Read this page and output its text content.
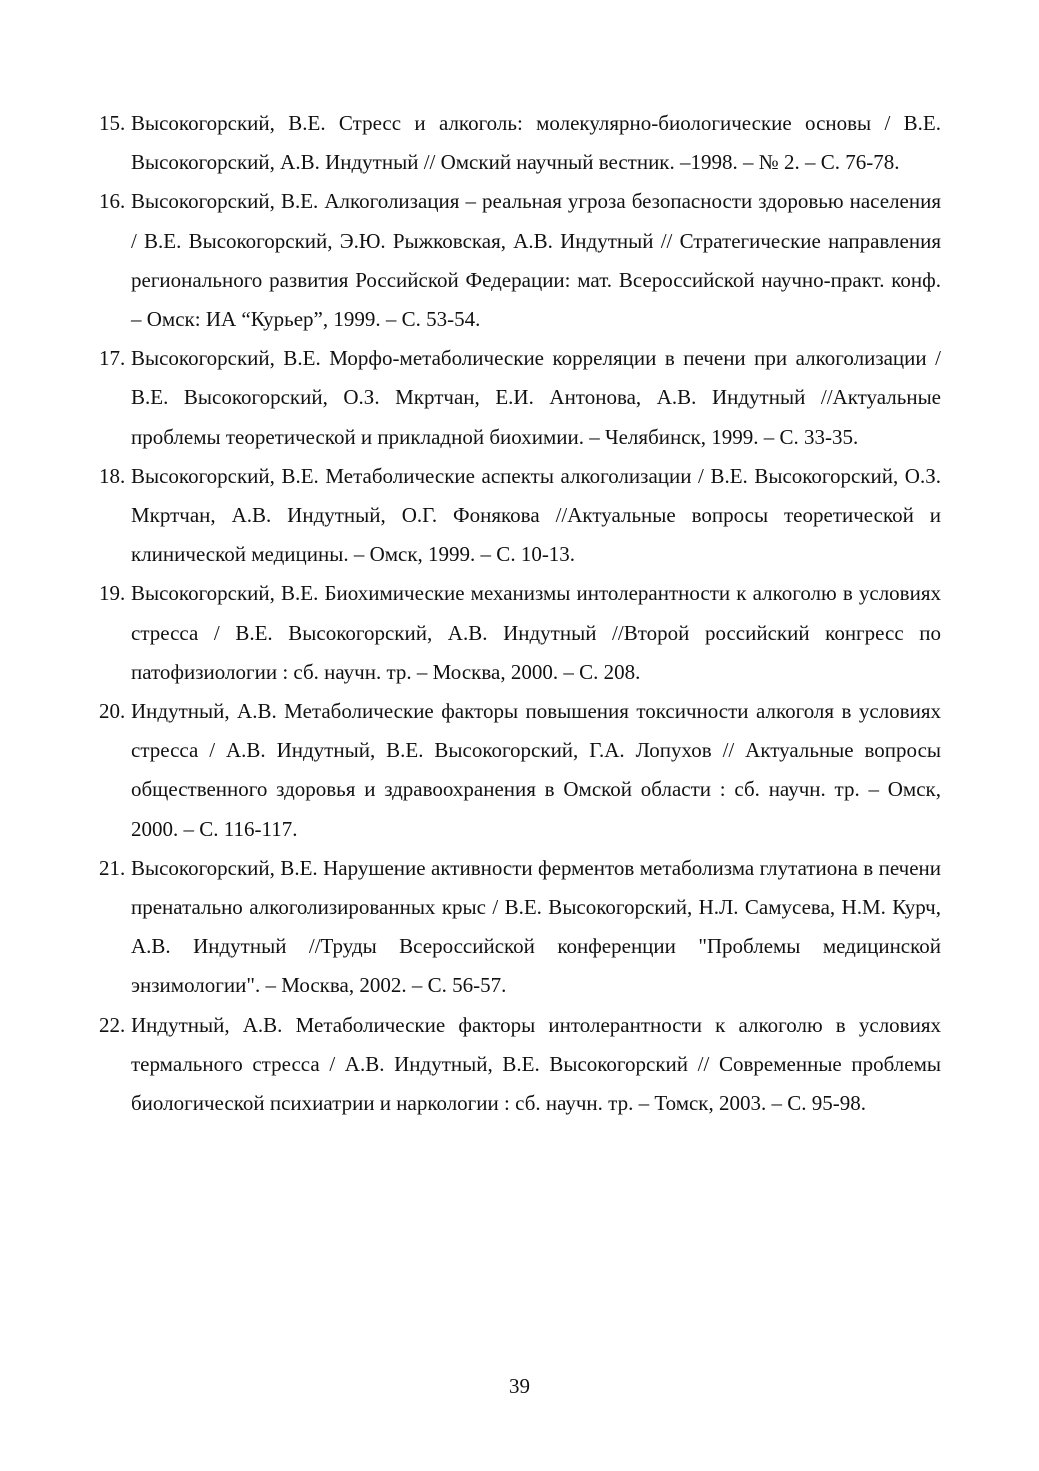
15. Высокогорский, В.Е. Стресс и алкоголь: молекулярно-биологические основы / В.Е. Высокогорский, А.В. Индутный // Омский научный вестник. –1998. – № 2. – С. 76-78.
16. Высокогорский, В.Е. Алкоголизация – реальная угроза безопасности здоровью населения / В.Е. Высокогорский, Э.Ю. Рыжковская, А.В. Индутный // Стратегические направления регионального развития Российской Федерации: мат. Всероссийской научно-практ. конф. – Омск: ИА “Курьер”, 1999. – С. 53-54.
17. Высокогорский, В.Е. Морфо-метаболические корреляции в печени при алкоголизации / В.Е. Высокогорский, О.З. Мкртчан, Е.И. Антонова, А.В. Индутный //Актуальные проблемы теоретической и прикладной биохимии. – Челябинск, 1999. – С. 33-35.
18. Высокогорский, В.Е. Метаболические аспекты алкоголизации / В.Е. Высокогорский, О.З. Мкртчан, А.В. Индутный, О.Г. Фонякова //Актуальные вопросы теоретической и клинической медицины. – Омск, 1999. – С. 10-13.
19. Высокогорский, В.Е. Биохимические механизмы интолерантности к алкоголю в условиях стресса / В.Е. Высокогорский, А.В. Индутный //Второй российский конгресс по патофизиологии : сб. научн. тр. – Москва, 2000. – С. 208.
20. Индутный, А.В. Метаболические факторы повышения токсичности алкоголя в условиях стресса / А.В. Индутный, В.Е. Высокогорский, Г.А. Лопухов // Актуальные вопросы общественного здоровья и здравоохранения в Омской области : сб. научн. тр. – Омск, 2000. – С. 116-117.
21. Высокогорский, В.Е. Нарушение активности ферментов метаболизма глутатиона в печени пренатально алкоголизированных крыс / В.Е. Высокогорский, Н.Л. Самусева, Н.М. Курч, А.В. Индутный //Труды Всероссийской конференции "Проблемы медицинской энзимологии". – Москва, 2002. – С. 56-57.
22. Индутный, А.В. Метаболические факторы интолерантности к алкоголю в условиях термального стресса / А.В. Индутный, В.Е. Высокогорский // Современные проблемы биологической психиатрии и наркологии : сб. научн. тр. – Томск, 2003. – С. 95-98.
39
